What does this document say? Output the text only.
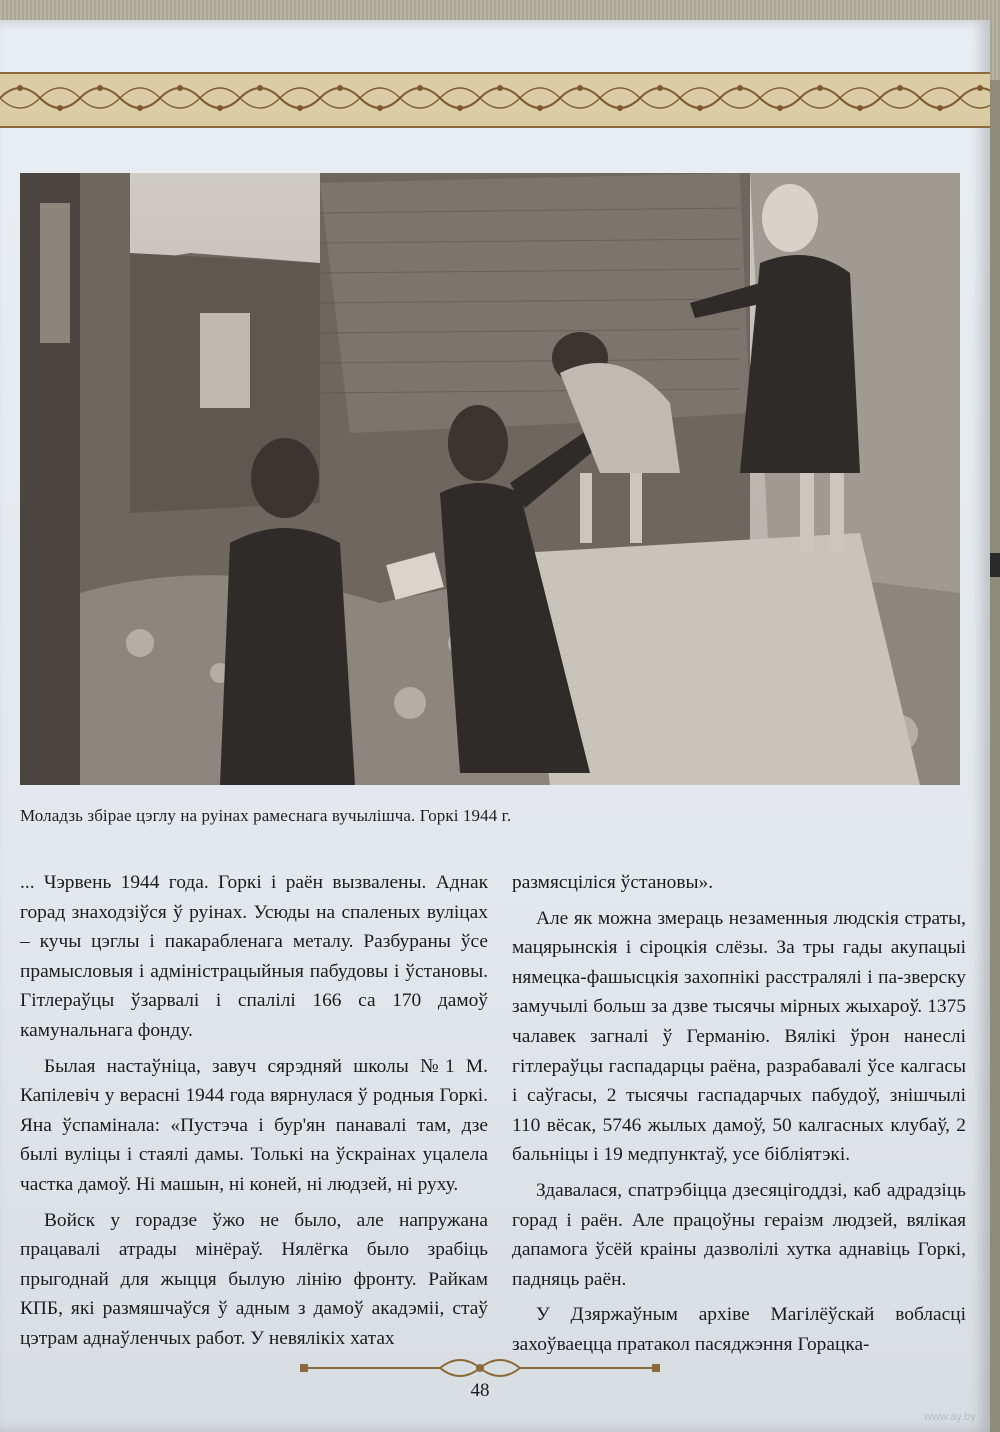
Моладзь збірае цэглу на руінах рамеснага вучылішча. Горкі 1944 г.

... Чэрвень 1944 года. Горкі і раён вызвалены. Аднак горад знаходзіўся ў руінах. Усюды на спаленых вуліцах – кучы цэглы і пакарабленага металу. Разбураны ўсе прамысловыя і адміністрацыйныя пабудовы і ўстановы. Гітлераўцы ўзарвалі і спалілі 166 са 170 дамоў камунальнага фонду.

Былая настаўніца, завуч сярэдняй школы №1 М. Капілевіч у верасні 1944 года вярнулася ў родныя Горкі. Яна ўспамінала: «Пустэча і бур'ян панавалі там, дзе былі вуліцы і стаялі дамы. Толькі на ўскраінах уцалела частка дамоў. Ні машын, ні коней, ні людзей, ні руху.

Войск у горадзе ўжо не было, але напружана працавалі атрады мінёраў. Нялёгка было зрабіць прыгоднай для жыцця былую лінію фронту. Райкам КПБ, які размяшчаўся ў адным з дамоў акадэміі, стаў цэтрам аднаўленчых работ. У невялікіх хатах

размясціліся ўстановы».

Але як можна змераць незаменныя людскія страты, мацярынскія і сіроцкія слёзы. За тры гады акупацыі нямецка-фашысцкія захопнікі расстралялі і па-зверску замучылі больш за дзве тысячы мірных жыхароў. 1375 чалавек загналі ў Германію. Вялікі ўрон нанеслі гітлераўцы гаспадарцы раёна, разрабавалі ўсе калгасы і саўгасы, 2 тысячы гаспадарчых пабудоў, знішчылі 110 вёсак, 5746 жылых дамоў, 50 калгасных клубаў, 2 бальніцы і 19 медпунктаў, усе бібліятэкі.

Здавалася, спатрэбіцца дзесяцігоддзі, каб адрадзіць горад і раён. Але працоўны гераізм людзей, вялікая дапамога ўсёй краіны дазволілі хутка аднавіць Горкі, падняць раён.

У Дзяржаўным архіве Магілёўскай вобласці захоўваецца пратакол пасяджэння Горацка-

48
www.ay.by
